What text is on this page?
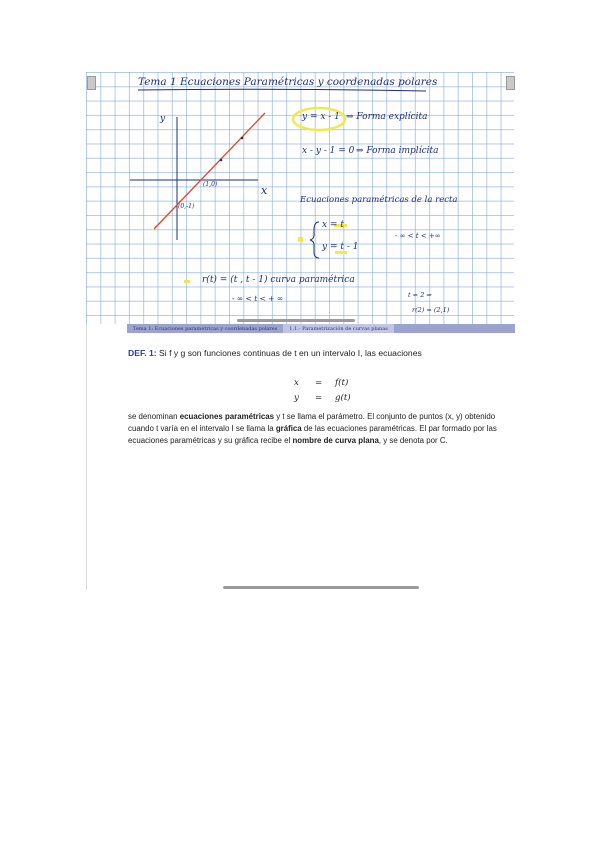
Tema 1 Ecuaciones Paramétricas y coordenadas polares
y = x - 1 ⇒ Forma explícita
x - y - 1 = 0 ⇒ Forma implícita
y
x
(1,0)
(0,-1)
Ecuaciones paramétricas de la recta
x = t
y = t - 1
- ∞ < t < +∞
r(t) = (t , t - 1) curva paramétrica
- ∞ < t < + ∞	t = 2 ⇒
r(2) = (2,1)
Tema 1: Ecuaciones paramétricas y coordenadas polares	1.1.- Parametrización de curvas planas
DEF. 1: Si f y g son funciones continuas de t en un intervalo I, las ecuaciones
x = f(t)
y = g(t)
se denominan ecuaciones paramétricas y t se llama el parámetro. El conjunto de puntos (x, y) obtenido cuando t varía en el intervalo I se llama la gráfica de las ecuaciones paramétricas. El par formado por las ecuaciones paramétricas y su gráfica recibe el nombre de curva plana, y se denota por C.
